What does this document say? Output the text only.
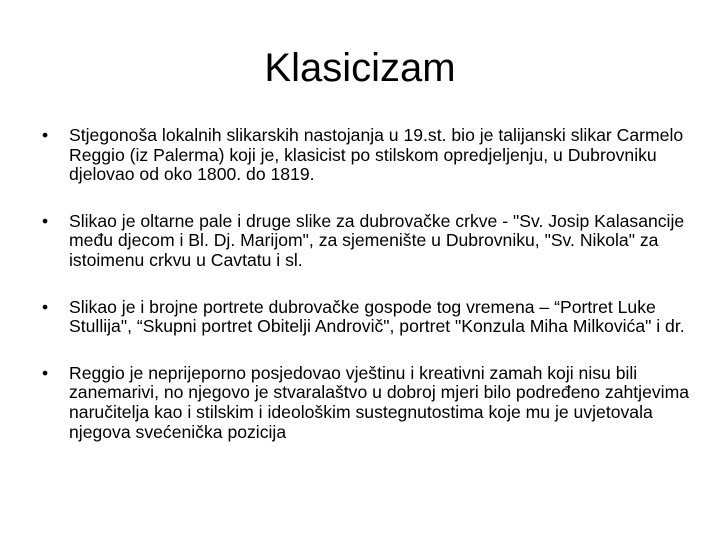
Klasicizam
• Stjegonoša lokalnih slikarskih nastojanja u 19.st. bio je talijanski slikar Carmelo Reggio (iz Palerma) koji je, klasicist po stilskom opredjeljenju, u Dubrovniku djelovao od oko 1800. do 1819.
• Slikao je oltarne pale i druge slike za dubrovačke crkve - "Sv. Josip Kalasancije među djecom i Bl. Dj. Marijom", za sjemenište u Dubrovniku, "Sv. Nikola" za istoimenu crkvu u Cavtatu i sl.
• Slikao je i brojne portrete dubrovačke gospode tog vremena – “Portret Luke Stullija", “Skupni portret Obitelji Androvič", portret "Konzula Miha Milkovića" i dr.
• Reggio je neprijeporno posjedovao vještinu i kreativni zamah koji nisu bili zanemarivi, no njegovo je stvaralaštvo u dobroj mjeri bilo podređeno zahtjevima naručitelja kao i stilskim i ideološkim sustegnutostima koje mu je uvjetovala njegova svećenička pozicija
